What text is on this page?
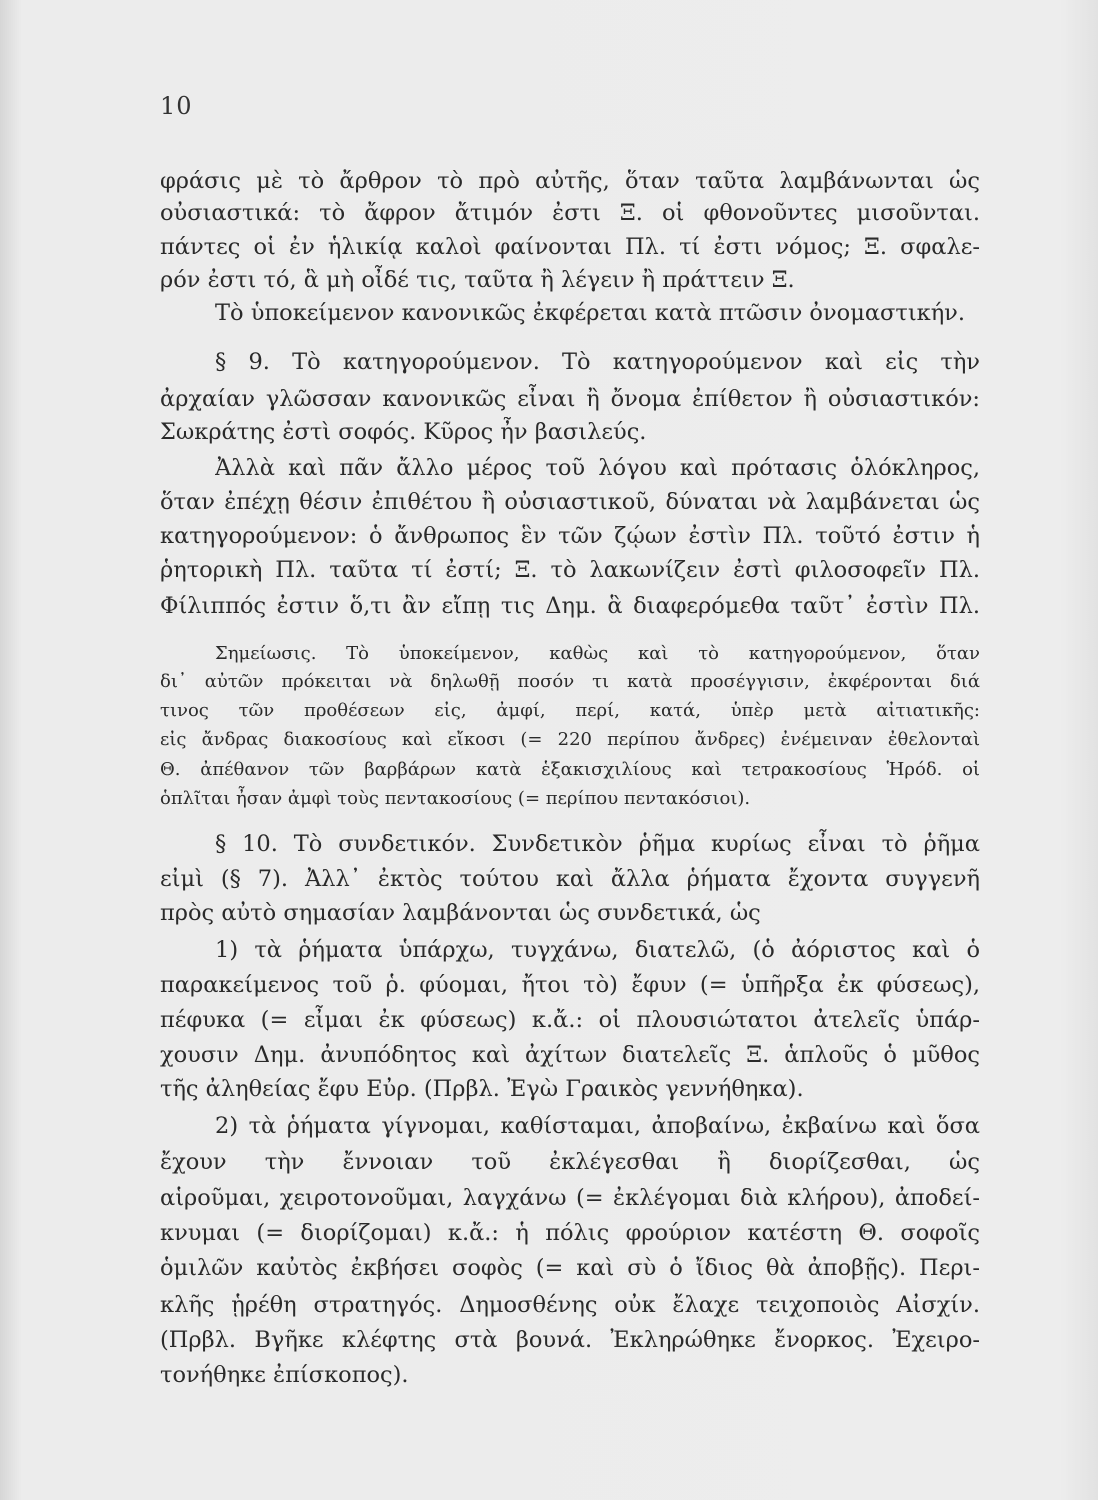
10
φράσις μὲ τὸ ἄρθρον τὸ πρὸ αὐτῆς, ὅταν ταῦτα λαμβάνωνται ὡς
οὐσιαστικά: τὸ ἄφρον ἄτιμόν ἐστι Ξ. οἱ φθονοῦντες μισοῦνται.
πάντες οἱ ἐν ἡλικίᾳ καλοὶ φαίνονται Πλ. τί ἐστι νόμος; Ξ. σφαλε-
ρόν ἐστι τό, ἃ μὴ οἶδέ τις, ταῦτα ἢ λέγειν ἢ πράττειν Ξ.
Τὸ ὑποκείμενον κανονικῶς ἐκφέρεται κατὰ πτῶσιν ὀνομαστικήν.
§ 9. Τὸ κατηγορούμενον. Τὸ κατηγορούμενον καὶ εἰς τὴν
ἀρχαίαν γλῶσσαν κανονικῶς εἶναι ἢ ὄνομα ἐπίθετον ἢ οὐσιαστικόν:
Σωκράτης ἐστὶ σοφός. Κῦρος ἦν βασιλεύς.
Ἀλλὰ καὶ πᾶν ἄλλο μέρος τοῦ λόγου καὶ πρότασις ὁλόκληρος,
ὅταν ἐπέχῃ θέσιν ἐπιθέτου ἢ οὐσιαστικοῦ, δύναται νὰ λαμβάνεται ὡς
κατηγορούμενον: ὁ ἄνθρωπος ἓν τῶν ζῴων ἐστὶν Πλ. τοῦτό ἐστιν ἡ
ῥητορικὴ Πλ. ταῦτα τί ἐστί; Ξ. τὸ λακωνίζειν ἐστὶ φιλοσοφεῖν Πλ.
Φίλιππός ἐστιν ὅ,τι ἂν εἴπῃ τις Δημ. ἃ διαφερόμεθα ταῦτ᾽ ἐστὶν Πλ.
Σημείωσις. Τὸ ὑποκείμενον, καθὼς καὶ τὸ κατηγορούμενον, ὅταν
δι᾽ αὐτῶν πρόκειται νὰ δηλωθῇ ποσόν τι κατὰ προσέγγισιν, ἐκφέρονται διά
τινος τῶν προθέσεων εἰς, ἀμφί, περί, κατά, ὑπὲρ μετὰ αἰτιατικῆς:
εἰς ἄνδρας διακοσίους καὶ εἴκοσι (= 220 περίπου ἄνδρες) ἐνέμειναν ἐθελονταὶ
Θ. ἀπέθανον τῶν βαρβάρων κατὰ ἑξακισχιλίους καὶ τετρακοσίους Ἡρόδ. οἱ
ὁπλῖται ἦσαν ἀμφὶ τοὺς πεντακοσίους (= περίπου πεντακόσιοι).
§ 10. Τὸ συνδετικόν. Συνδετικὸν ῥῆμα κυρίως εἶναι τὸ ῥῆμα
εἰμὶ (§ 7). Ἀλλ᾽ ἐκτὸς τούτου καὶ ἄλλα ῥήματα ἔχοντα συγγενῆ
πρὸς αὐτὸ σημασίαν λαμβάνονται ὡς συνδετικά, ὡς
1) τὰ ῥήματα ὑπάρχω, τυγχάνω, διατελῶ, (ὁ ἀόριστος καὶ ὁ
παρακείμενος τοῦ ῥ. φύομαι, ἤτοι τὸ) ἔφυν (= ὑπῆρξα ἐκ φύσεως),
πέφυκα (= εἶμαι ἐκ φύσεως) κ.ἄ.: οἱ πλουσιώτατοι ἀτελεῖς ὑπάρ-
χουσιν Δημ. ἀνυπόδητος καὶ ἀχίτων διατελεῖς Ξ. ἁπλοῦς ὁ μῦθος
τῆς ἀληθείας ἔφυ Εὐρ. (Πρβλ. Ἐγὼ Γραικὸς γεννήθηκα).
2) τὰ ῥήματα γίγνομαι, καθίσταμαι, ἀποβαίνω, ἐκβαίνω καὶ ὅσα
ἔχουν τὴν ἔννοιαν τοῦ ἐκλέγεσθαι ἢ διορίζεσθαι, ὡς
αἱροῦμαι, χειροτονοῦμαι, λαγχάνω (= ἐκλέγομαι διὰ κλήρου), ἀποδεί-
κνυμαι (= διορίζομαι) κ.ἄ.: ἡ πόλις φρούριον κατέστη Θ. σοφοῖς
ὁμιλῶν καὐτὸς ἐκβήσει σοφὸς (= καὶ σὺ ὁ ἴδιος θὰ ἀποβῇς). Περι-
κλῆς ᾑρέθη στρατηγός. Δημοσθένης οὐκ ἔλαχε τειχοποιὸς Αἰσχίν.
(Πρβλ. Βγῆκε κλέφτης στὰ βουνά. Ἐκληρώθηκε ἔνορκος. Ἐχειρο-
τονήθηκε ἐπίσκοπος).
